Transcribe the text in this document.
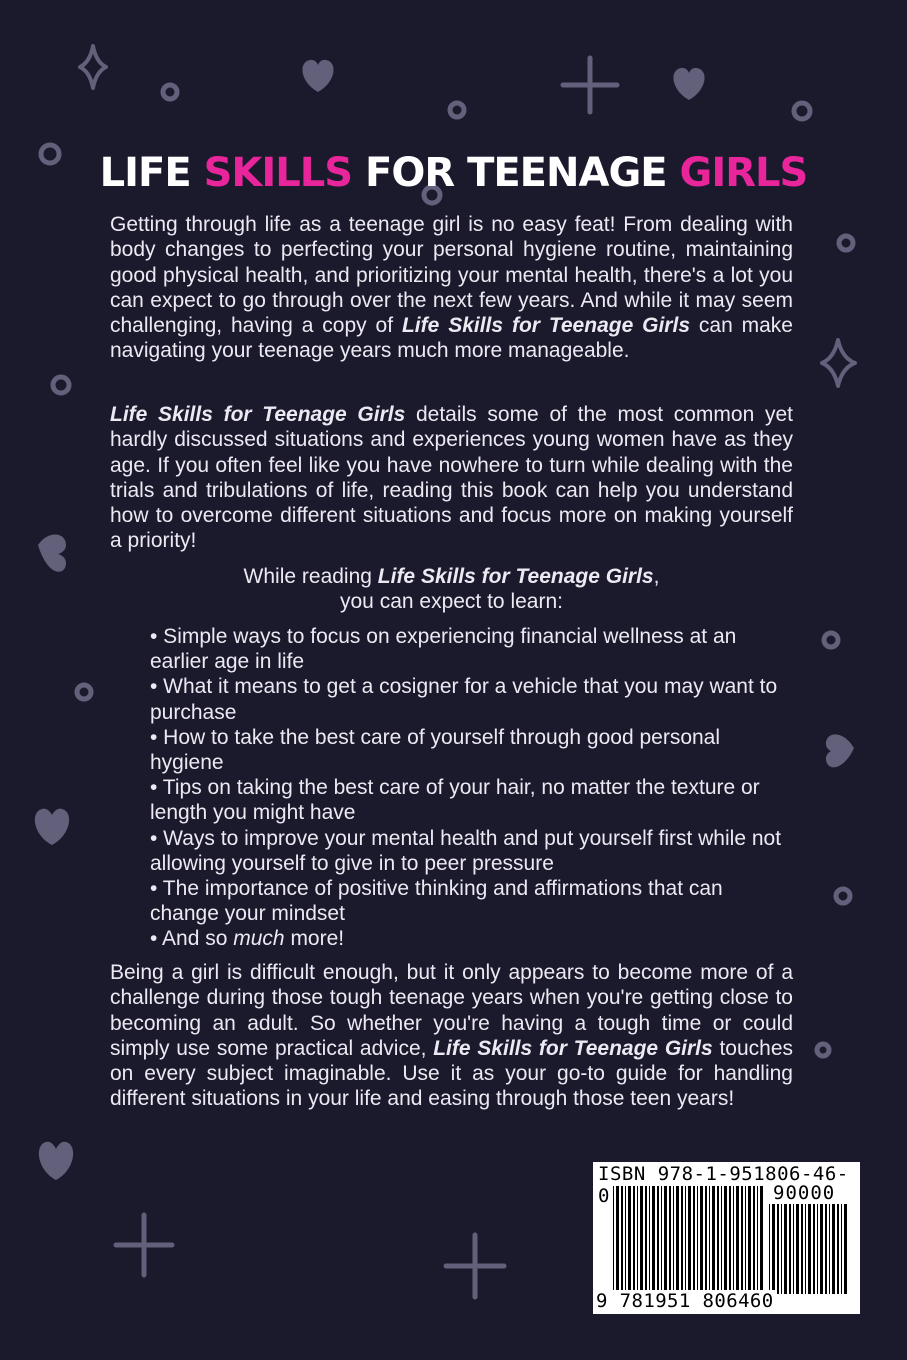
LIFE SKILLS FOR TEENAGE GIRLS

Getting through life as a teenage girl is no easy feat! From dealing with body changes to perfecting your personal hygiene routine, maintaining good physical health, and prioritizing your mental health, there's a lot you can expect to go through over the next few years. And while it may seem challenging, having a copy of Life Skills for Teenage Girls can make navigating your teenage years much more manageable.

Life Skills for Teenage Girls details some of the most common yet hardly discussed situations and experiences young women have as they age. If you often feel like you have nowhere to turn while dealing with the trials and tribulations of life, reading this book can help you understand how to overcome different situations and focus more on making yourself a priority!

While reading Life Skills for Teenage Girls,
you can expect to learn:

• Simple ways to focus on experiencing financial wellness at an earlier age in life
• What it means to get a cosigner for a vehicle that you may want to purchase
• How to take the best care of yourself through good personal hygiene
• Tips on taking the best care of your hair, no matter the texture or length you might have
• Ways to improve your mental health and put yourself first while not allowing yourself to give in to peer pressure
• The importance of positive thinking and affirmations that can change your mindset
• And so much more!

Being a girl is difficult enough, but it only appears to become more of a challenge during those tough teenage years when you're getting close to becoming an adult. So whether you're having a tough time or could simply use some practical advice, Life Skills for Teenage Girls touches on every subject imaginable. Use it as your go-to guide for handling different situations in your life and easing through those teen years!

ISBN 978-1-951806-46-0	90000

9 781951 806460
